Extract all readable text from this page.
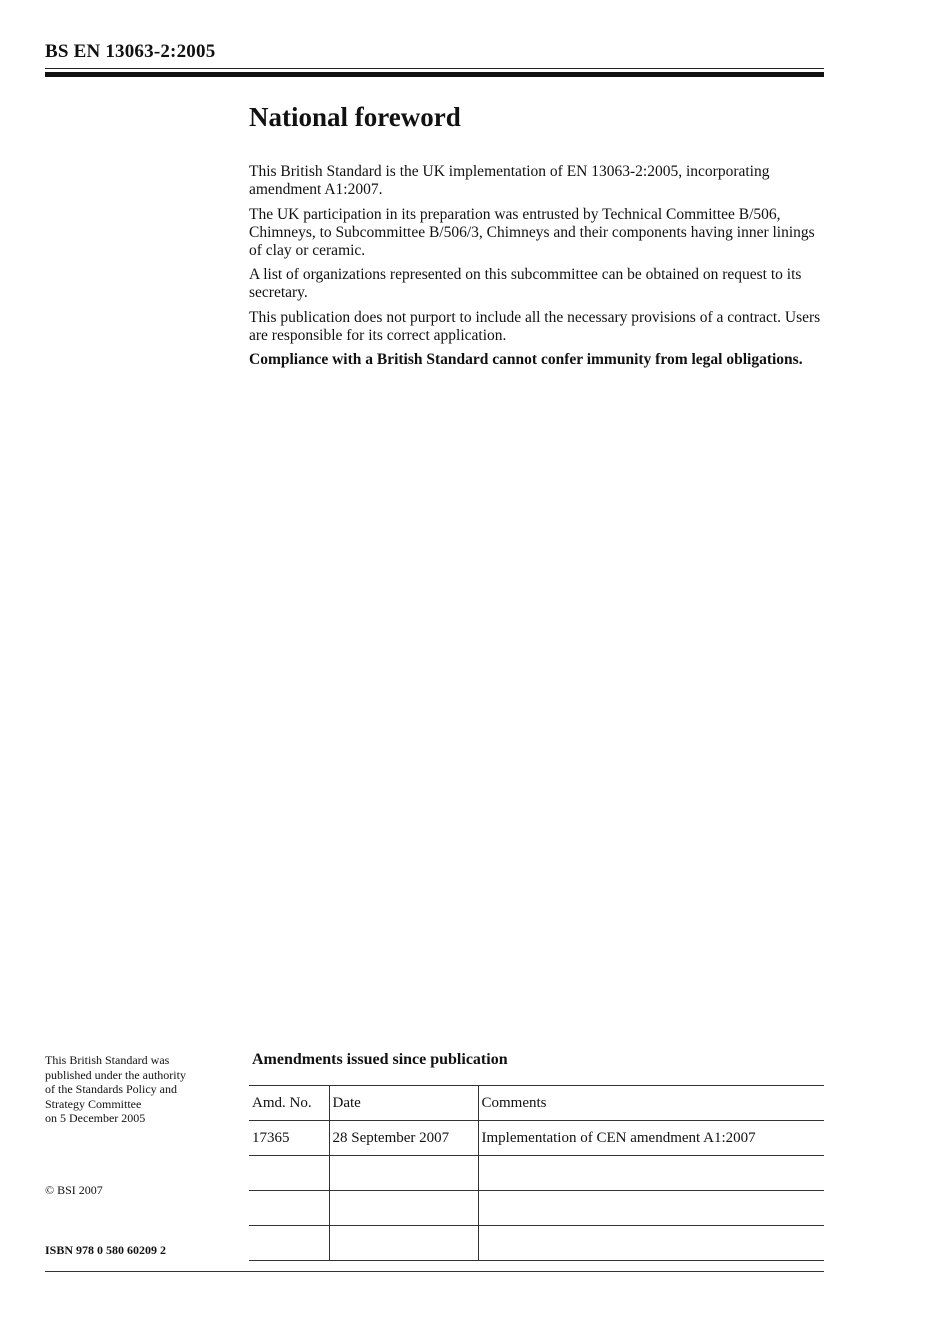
BS EN 13063-2:2005
National foreword

This British Standard is the UK implementation of EN 13063-2:2005, incorporating amendment A1:2007.

The UK participation in its preparation was entrusted by Technical Committee B/506, Chimneys, to Subcommittee B/506/3, Chimneys and their components having inner linings of clay or ceramic.

A list of organizations represented on this subcommittee can be obtained on request to its secretary.

This publication does not purport to include all the necessary provisions of a contract. Users are responsible for its correct application.

Compliance with a British Standard cannot confer immunity from legal obligations.

This British Standard was
published under the authority
of the Standards Policy and
Strategy Committee
on 5 December 2005
© BSI 2007
ISBN 978 0 580 60209 2
Amendments issued since publication
Amd. No.	Date	Comments
17365	28 September 2007	Implementation of CEN amendment A1:2007
